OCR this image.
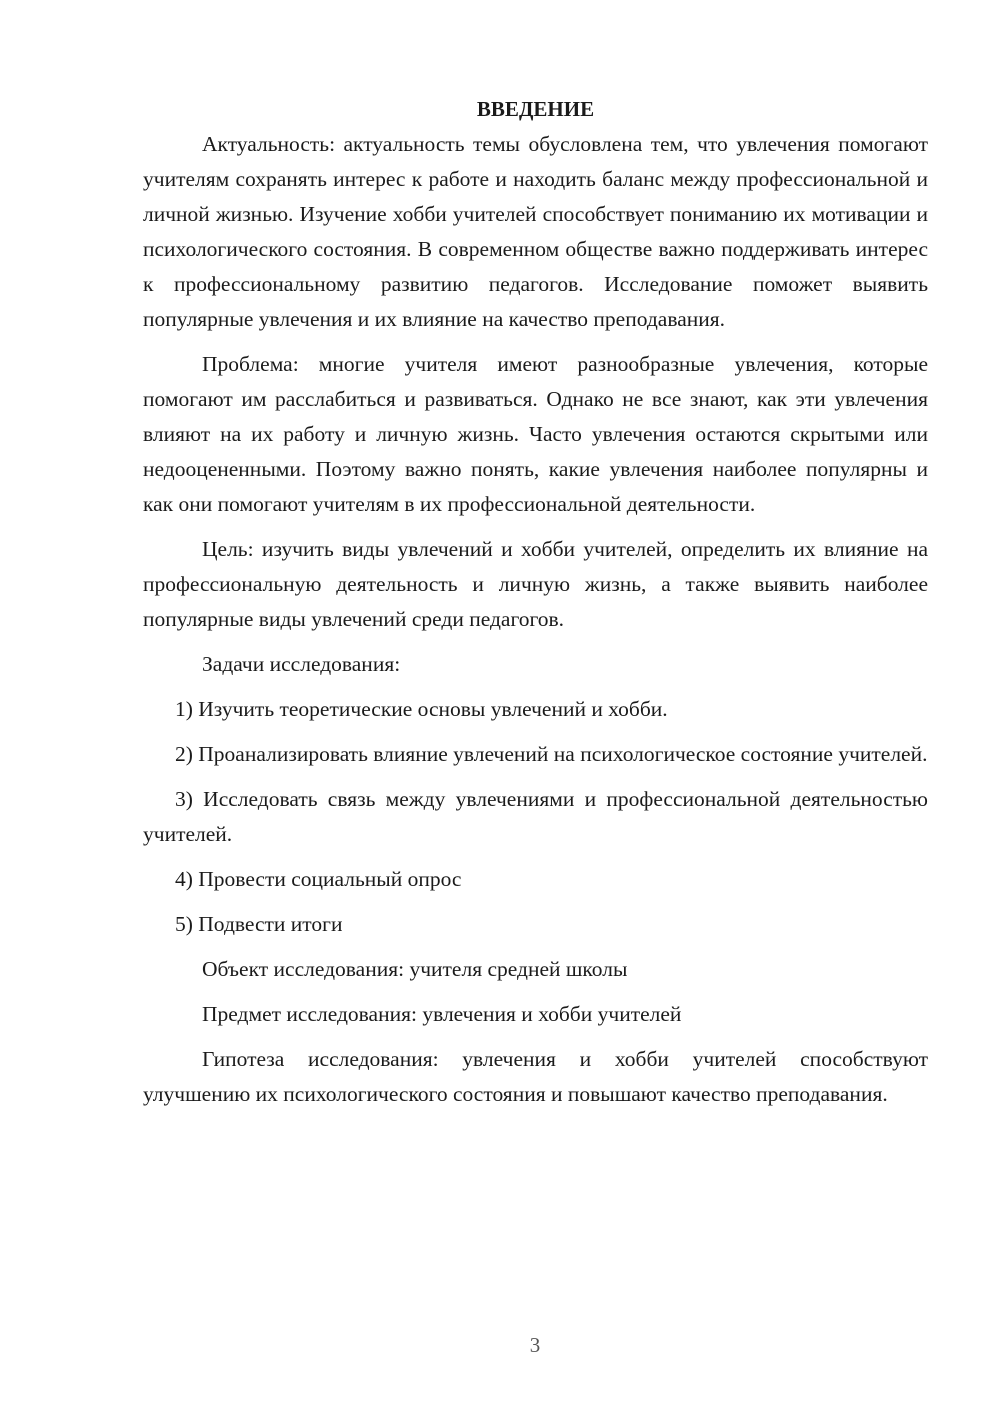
ВВЕДЕНИЕ

Актуальность: актуальность темы обусловлена тем, что увлечения помогают учителям сохранять интерес к работе и находить баланс между профессиональной и личной жизнью. Изучение хобби учителей способствует пониманию их мотивации и психологического состояния. В современном обществе важно поддерживать интерес к профессиональному развитию педагогов. Исследование поможет выявить популярные увлечения и их влияние на качество преподавания.

Проблема: многие учителя имеют разнообразные увлечения, которые помогают им расслабиться и развиваться. Однако не все знают, как эти увлечения влияют на их работу и личную жизнь. Часто увлечения остаются скрытыми или недооцененными. Поэтому важно понять, какие увлечения наиболее популярны и как они помогают учителям в их профессиональной деятельности.

Цель: изучить виды увлечений и хобби учителей, определить их влияние на профессиональную деятельность и личную жизнь, а также выявить наиболее популярные виды увлечений среди педагогов.

Задачи исследования:

1) Изучить теоретические основы увлечений и хобби.

2) Проанализировать влияние увлечений на психологическое состояние учителей.

3) Исследовать связь между увлечениями и профессиональной деятельностью учителей.

4) Провести социальный опрос

5) Подвести итоги

Объект исследования: учителя средней школы

Предмет исследования: увлечения и хобби учителей

Гипотеза исследования: увлечения и хобби учителей способствуют улучшению их психологического состояния и повышают качество преподавания.

3
